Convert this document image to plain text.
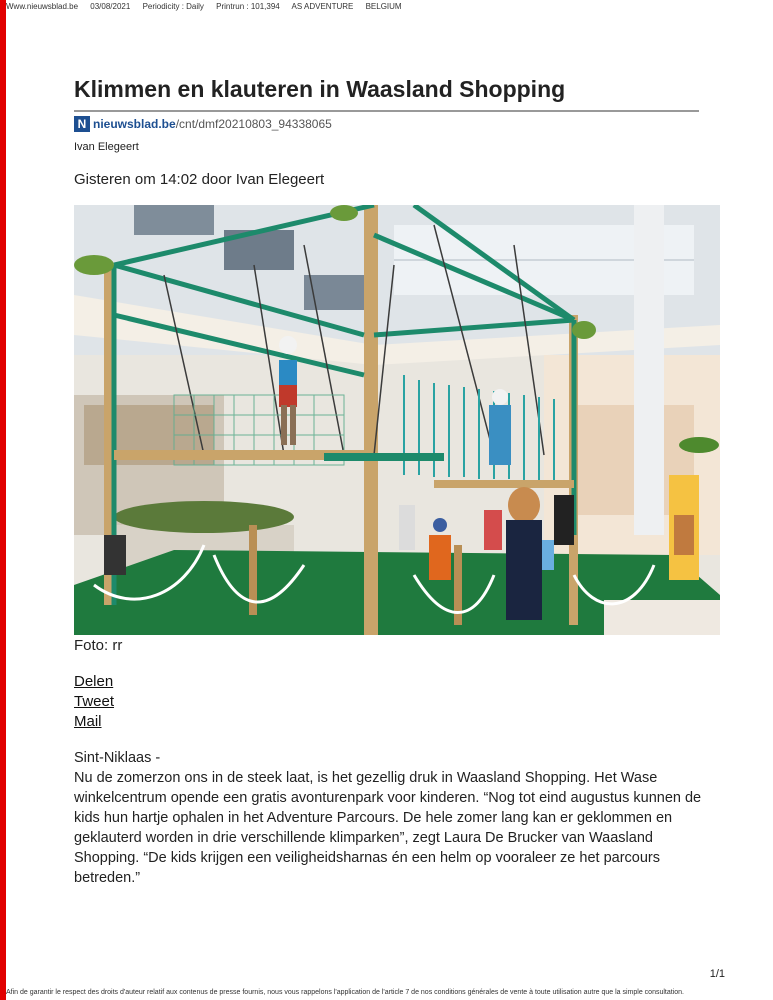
Www.nieuwsblad.be 03/08/2021 Periodicity : Daily Printrun : 101,394 AS ADVENTURE BELGIUM
Klimmen en klauteren in Waasland Shopping
N nieuwsblad.be /cnt/dmf20210803_94338065
Ivan Elegeert
Gisteren om 14:02 door Ivan Elegeert
Foto: rr
Delen
Tweet
Mail

Sint-Niklaas -

Nu de zomerzon ons in de steek laat, is het gezellig druk in Waasland Shopping. Het Wase winkelcentrum opende een gratis avonturenpark voor kinderen. “Nog tot eind augustus kunnen de kids hun hartje ophalen in het Adventure Parcours. De hele zomer lang kan er geklommen en geklauterd worden in drie verschillende klimparken”, zegt Laura De Brucker van Waasland Shopping. “De kids krijgen een veiligheidsharnas én een helm op vooraleer ze het parcours betreden.”

1/1
Afin de garantir le respect des droits d'auteur relatif aux contenus de presse fournis, nous vous rappelons l'application de l'article 7 de nos conditions générales de vente à toute utilisation autre que la simple consultation.
